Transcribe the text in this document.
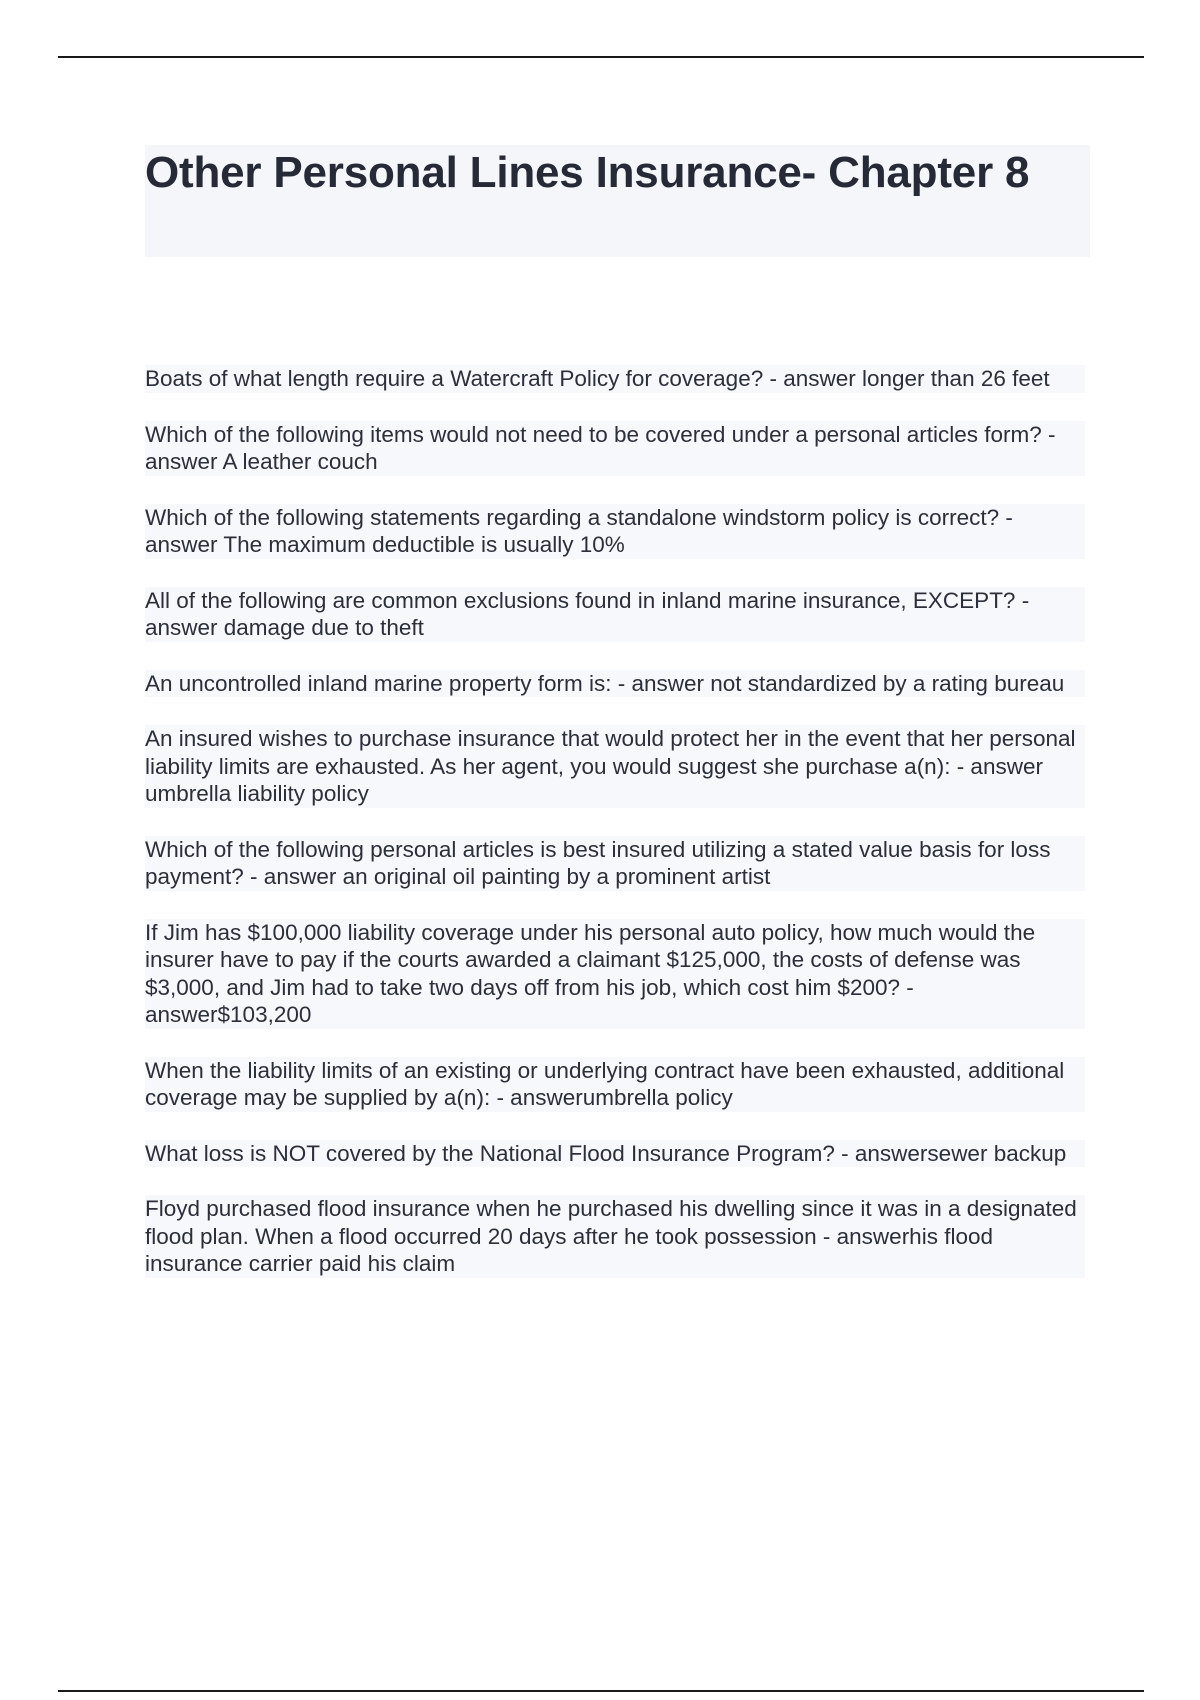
Other Personal Lines Insurance- Chapter 8

Boats of what length require a Watercraft Policy for coverage? - answer longer than 26 feet

Which of the following items would not need to be covered under a personal articles form? - answer A leather couch

Which of the following statements regarding a standalone windstorm policy is correct? - answer The maximum deductible is usually 10%

All of the following are common exclusions found in inland marine insurance, EXCEPT? - answer damage due to theft

An uncontrolled inland marine property form is: - answer not standardized by a rating bureau

An insured wishes to purchase insurance that would protect her in the event that her personal liability limits are exhausted. As her agent, you would suggest she purchase a(n): - answer umbrella liability policy

Which of the following personal articles is best insured utilizing a stated value basis for loss payment? - answer an original oil painting by a prominent artist

If Jim has $100,000 liability coverage under his personal auto policy, how much would the insurer have to pay if the courts awarded a claimant $125,000, the costs of defense was $3,000, and Jim had to take two days off from his job, which cost him $200? - answer$103,200

When the liability limits of an existing or underlying contract have been exhausted, additional coverage may be supplied by a(n): - answerumbrella policy

What loss is NOT covered by the National Flood Insurance Program? - answersewer backup

Floyd purchased flood insurance when he purchased his dwelling since it was in a designated flood plan. When a flood occurred 20 days after he took possession - answerhis flood insurance carrier paid his claim
